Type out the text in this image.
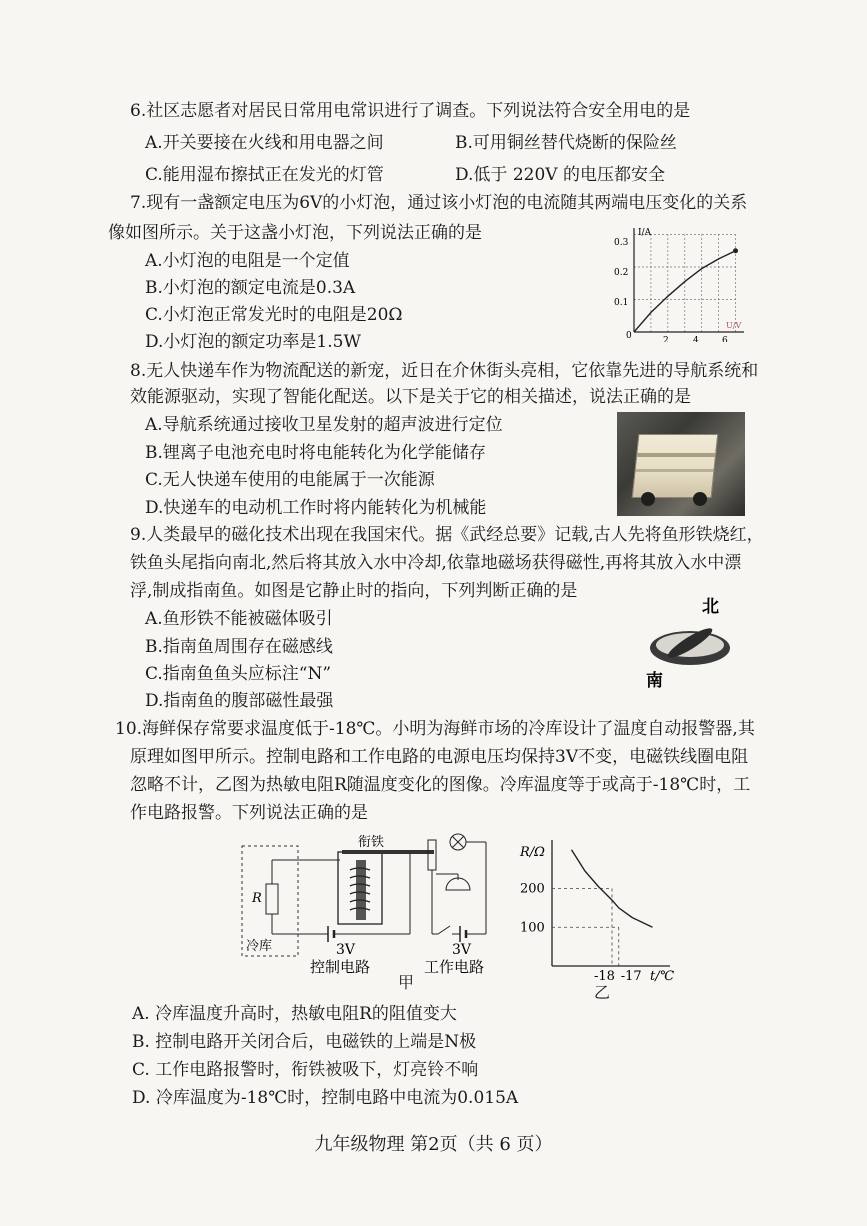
6.社区志愿者对居民日常用电常识进行了调查。下列说法符合安全用电的是
A.开关要接在火线和用电器之间	B.可用铜丝替代烧断的保险丝
C.能用湿布擦拭正在发光的灯管	D.低于 220V 的电压都安全
7.现有一盏额定电压为6V的小灯泡，通过该小灯泡的电流随其两端电压变化的关系
像如图所示。关于这盏小灯泡，下列说法正确的是
A.小灯泡的电阻是一个定值
B.小灯泡的额定电流是0.3A
C.小灯泡正常发光时的电阻是20Ω
D.小灯泡的额定功率是1.5W
I/A
U/V
0
0.1
0.2
0.3
2	4	6
8.无人快递车作为物流配送的新宠，近日在介休街头亮相，它依靠先进的导航系统和
效能源驱动，实现了智能化配送。以下是关于它的相关描述，说法正确的是
A.导航系统通过接收卫星发射的超声波进行定位
B.锂离子电池充电时将电能转化为化学能储存
C.无人快递车使用的电能属于一次能源
D.快递车的电动机工作时将内能转化为机械能
9.人类最早的磁化技术出现在我国宋代。据《武经总要》记载,古人先将鱼形铁烧红，
铁鱼头尾指向南北,然后将其放入水中冷却,依靠地磁场获得磁性,再将其放入水中漂
浮,制成指南鱼。如图是它静止时的指向，下列判断正确的是
A.鱼形铁不能被磁体吸引
B.指南鱼周围存在磁感线
C.指南鱼鱼头应标注“N”
D.指南鱼的腹部磁性最强
北
南
10.海鲜保存常要求温度低于-18℃。小明为海鲜市场的冷库设计了温度自动报警器,其
原理如图甲所示。控制电路和工作电路的电源电压均保持3V不变，电磁铁线圈电阻
忽略不计，乙图为热敏电阻R随温度变化的图像。冷库温度等于或高于-18℃时，工
作电路报警。下列说法正确的是
冷库
R
衔铁
3V	3V
控制电路	工作电路
甲
R/Ω
t/℃
200
100
-18 -17
乙
A. 冷库温度升高时，热敏电阻R的阻值变大
B. 控制电路开关闭合后，电磁铁的上端是N极
C. 工作电路报警时，衔铁被吸下，灯亮铃不响
D. 冷库温度为-18℃时，控制电路中电流为0.015A
九年级物理 第2页（共 6 页）
